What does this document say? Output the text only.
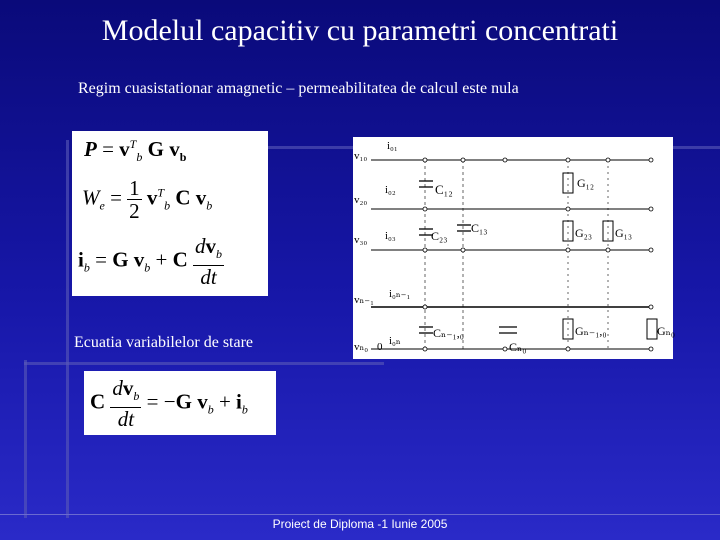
Modelul capacitiv cu parametri concentrati
Regim cuasistationar amagnetic – permeabilitatea de calcul este nula
$P = v^T_b$ G $v_b$
$W_e = \frac{1}{2} v^T_b$ C $v_b$
$i_b = G$ $v_b + C \frac{dv_b}{dt}$
Ecuatia variabilelor de stare
C $\frac{dv_b}{dt} = -G$ $v_b + i_b$
v₁₀
v₂₀
v₃₀
vₙ₋₁
vₙ₀ 0
i₀₁
i₀₂
i₀₃
i₀ₙ₋₁
i₀ₙ
C₁₂
C₂₃
C₁₃
Cₙ₋₁,₀
Cₙ₀
G₁₂
G₂₃ G₁₃
Gₙ₋₁,₀	Gₙ₀
Proiect de Diploma -1 Iunie 2005
